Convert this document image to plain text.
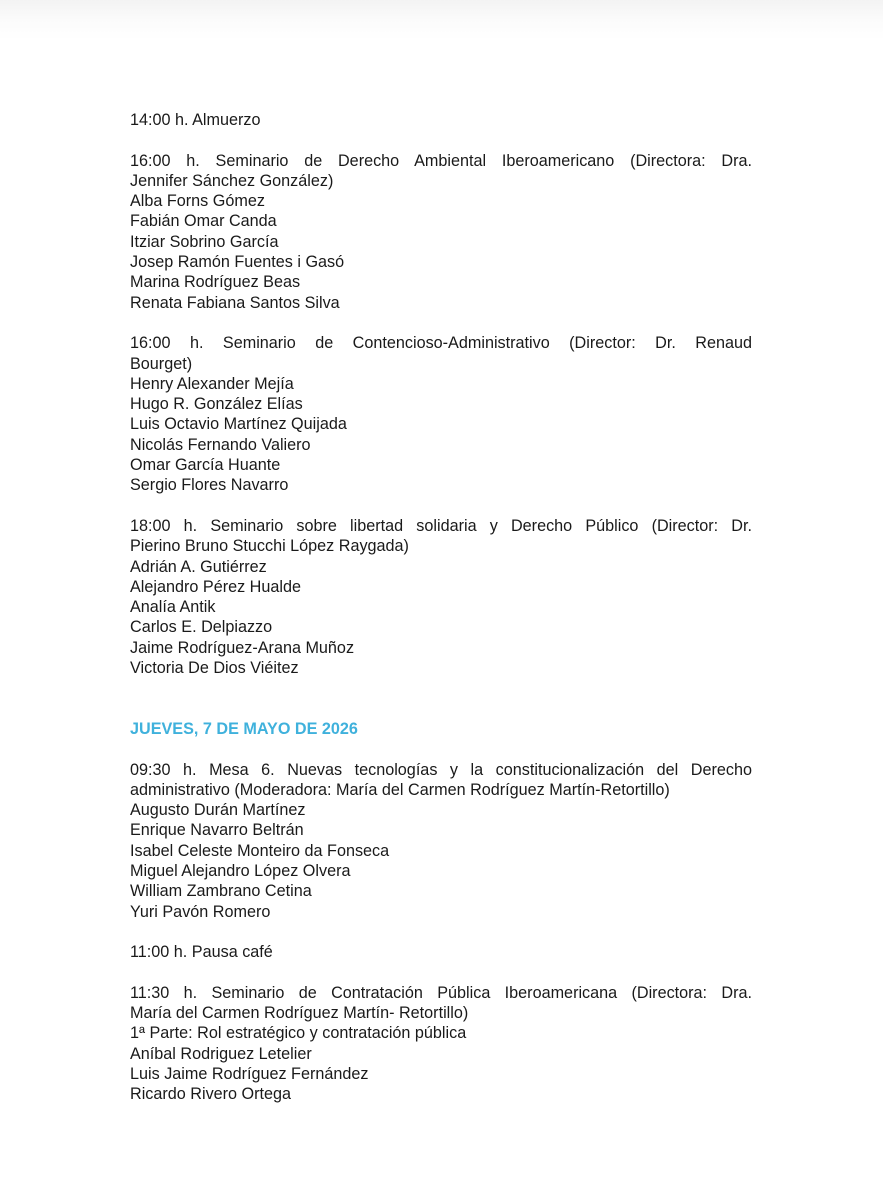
14:00 h. Almuerzo
16:00 h. Seminario de Derecho Ambiental Iberoamericano (Directora: Dra.
Jennifer Sánchez González)
Alba Forns Gómez
Fabián Omar Canda
Itziar Sobrino García
Josep Ramón Fuentes i Gasó
Marina Rodríguez Beas
Renata Fabiana Santos Silva
16:00 h. Seminario de Contencioso-Administrativo (Director: Dr. Renaud
Bourget)
Henry Alexander Mejía
Hugo R. González Elías
Luis Octavio Martínez Quijada
Nicolás Fernando Valiero
Omar García Huante
Sergio Flores Navarro
18:00 h. Seminario sobre libertad solidaria y Derecho Público (Director: Dr.
Pierino Bruno Stucchi López Raygada)
Adrián A. Gutiérrez
Alejandro Pérez Hualde
Analía Antik
Carlos E. Delpiazzo
Jaime Rodríguez-Arana Muñoz
Victoria De Dios Viéitez
JUEVES, 7 DE MAYO DE 2026
09:30 h. Mesa 6. Nuevas tecnologías y la constitucionalización del Derecho
administrativo (Moderadora: María del Carmen Rodríguez Martín-Retortillo)
Augusto Durán Martínez
Enrique Navarro Beltrán
Isabel Celeste Monteiro da Fonseca
Miguel Alejandro López Olvera
William Zambrano Cetina
Yuri Pavón Romero
11:00 h. Pausa café
11:30 h. Seminario de Contratación Pública Iberoamericana (Directora: Dra.
María del Carmen Rodríguez Martín- Retortillo)
1ª Parte: Rol estratégico y contratación pública
Aníbal Rodriguez Letelier
Luis Jaime Rodríguez Fernández
Ricardo Rivero Ortega
